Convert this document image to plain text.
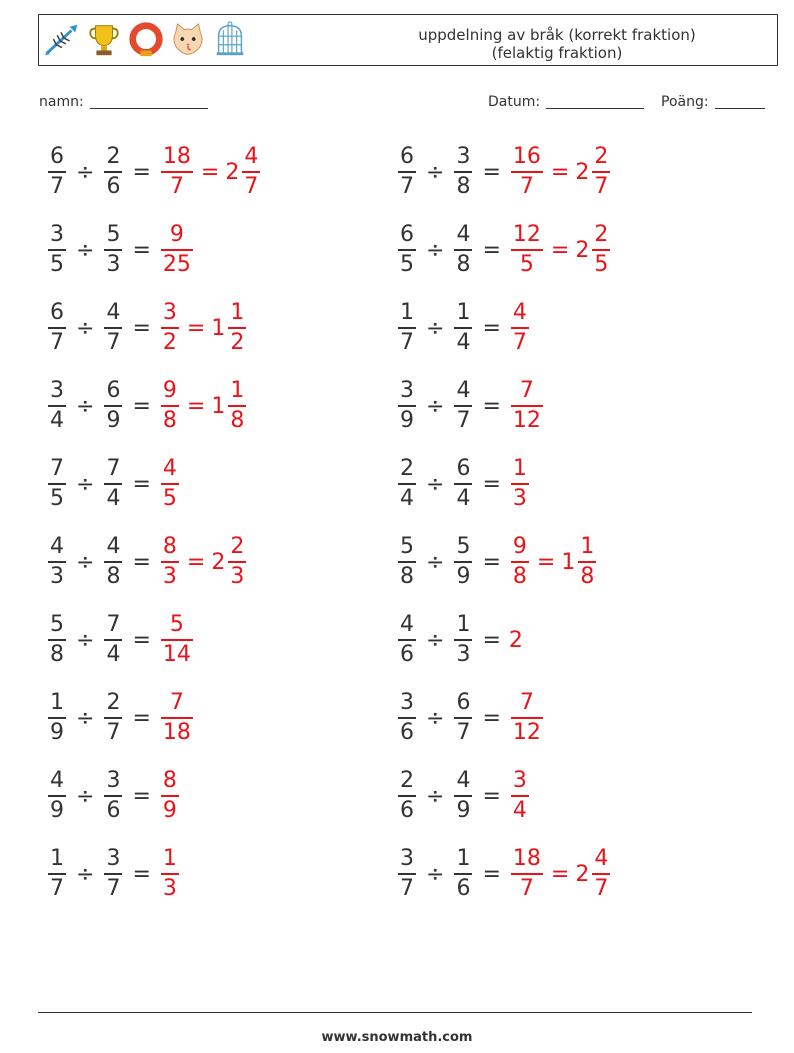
uppdelning av bråk (korrekt fraktion)
(felaktig fraktion)
namn:	Datum:	Poäng:
$\frac{6}{7} \div \frac{2}{6} = \frac{18}{7} = 2 \frac{4}{7}$	$\frac{6}{7} \div \frac{3}{8} = \frac{16}{7} = 2 \frac{2}{7}$
$\frac{3}{5} \div \frac{5}{3} = \frac{9}{25}$	$\frac{6}{5} \div \frac{4}{8} = \frac{12}{5} = 2 \frac{2}{5}$
$\frac{6}{7} \div \frac{4}{7} = \frac{3}{2} = 1 \frac{1}{2}$	$\frac{1}{7} \div \frac{1}{4} = \frac{4}{7}$
$\frac{3}{4} \div \frac{6}{9} = \frac{9}{8} = 1 \frac{1}{8}$	$\frac{3}{9} \div \frac{4}{7} = \frac{7}{12}$
$\frac{7}{5} \div \frac{7}{4} = \frac{4}{5}$	$\frac{2}{4} \div \frac{6}{4} = \frac{1}{3}$
$\frac{4}{3} \div \frac{4}{8} = \frac{8}{3} = 2 \frac{2}{3}$	$\frac{5}{8} \div \frac{5}{9} = \frac{9}{8} = 1 \frac{1}{8}$
$\frac{5}{8} \div \frac{7}{4} = \frac{5}{14}$	$\frac{4}{6} \div \frac{1}{3} = 2$
$\frac{1}{9} \div \frac{2}{7} = \frac{7}{18}$	$\frac{3}{6} \div \frac{6}{7} = \frac{7}{12}$
$\frac{4}{9} \div \frac{3}{6} = \frac{8}{9}$	$\frac{2}{6} \div \frac{4}{9} = \frac{3}{4}$
$\frac{1}{7} \div \frac{3}{7} = \frac{1}{3}$	$\frac{3}{7} \div \frac{1}{6} = \frac{18}{7} = 2 \frac{4}{7}$
www.snowmath.com
